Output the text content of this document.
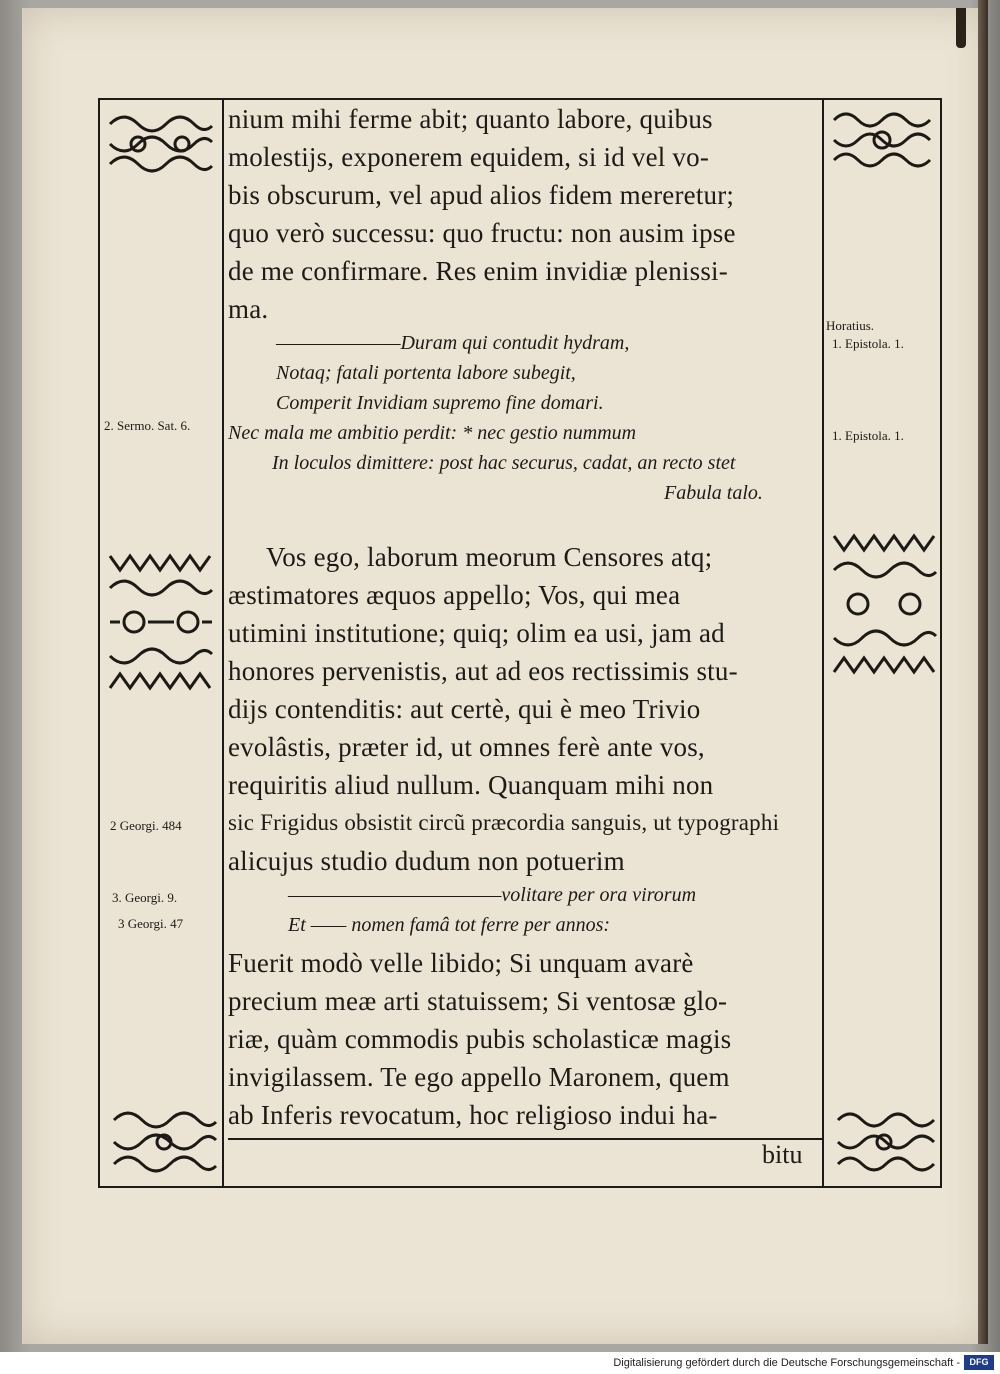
Horatius.
1. Epistola. 1.
2. Sermo. Sat. 6.
1. Epistola. 1.
2 Georgi. 484
3. Georgi. 9.
3 Georgi. 47

nium mihi ferme abit; quanto labore, quibus

molestijs, exponerem equidem, si id vel vo-

bis obscurum, vel apud alios fidem mereretur;

quo verò successu: quo fructu: non ausim ipse

de me confirmare. Res enim invidiæ plenissi-

ma.

———————Duram qui contudit hydram,
Notaq; fatali portenta labore subegit,
Comperit Invidiam supremo fine domari.
Nec mala me ambitio perdit: * nec gestio nummum
In loculos dimittere: post hac securus, cadat, an recto stet
Fabula talo.

Vos ego, laborum meorum Censores atq;

æstimatores æquos appello; Vos, qui mea

utimini institutione; quiq; olim ea usi, jam ad

honores pervenistis, aut ad eos rectissimis stu-

dijs contenditis: aut certè, qui è meo Trivio

evolâstis, præter id, ut omnes ferè ante vos,

requiritis aliud nullum. Quanquam mihi non

sic Frigidus obsistit circũ præcordia sanguis, ut typographi

alicujus studio dudum non potuerim

————————————volitare per ora virorum
Et —— nomen famâ tot ferre per annos:

Fuerit modò velle libido; Si unquam avarè

precium meæ arti statuissem; Si ventosæ glo-

riæ, quàm commodis pubis scholasticæ magis

invigilassem. Te ego appello Maronem, quem

ab Inferis revocatum, hoc religioso indui ha-

bitu
Digitalisierung gefördert durch die Deutsche Forschungsgemeinschaft -	DFG
